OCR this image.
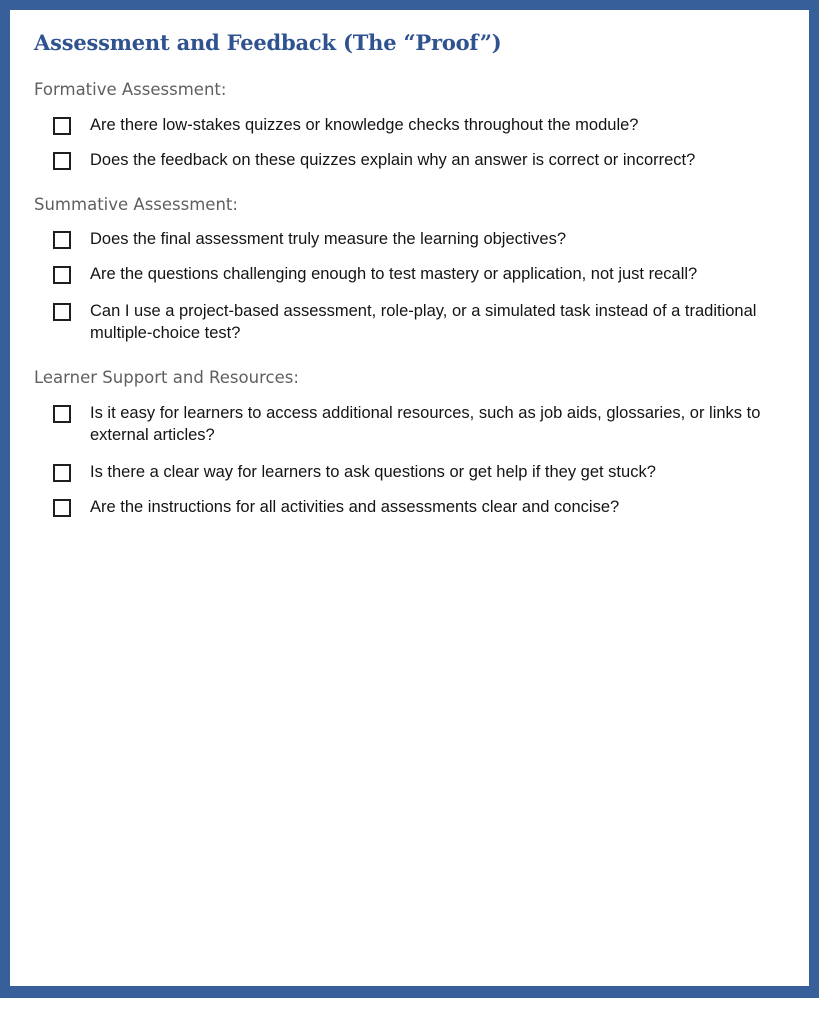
Assessment and Feedback (The “Proof”)
Formative Assessment:
Are there low-stakes quizzes or knowledge checks throughout the module?
Does the feedback on these quizzes explain why an answer is correct or incorrect?
Summative Assessment:
Does the final assessment truly measure the learning objectives?
Are the questions challenging enough to test mastery or application, not just recall?
Can I use a project-based assessment, role-play, or a simulated task instead of a traditional multiple-choice test?
Learner Support and Resources:
Is it easy for learners to access additional resources, such as job aids, glossaries, or links to external articles?
Is there a clear way for learners to ask questions or get help if they get stuck?
Are the instructions for all activities and assessments clear and concise?
